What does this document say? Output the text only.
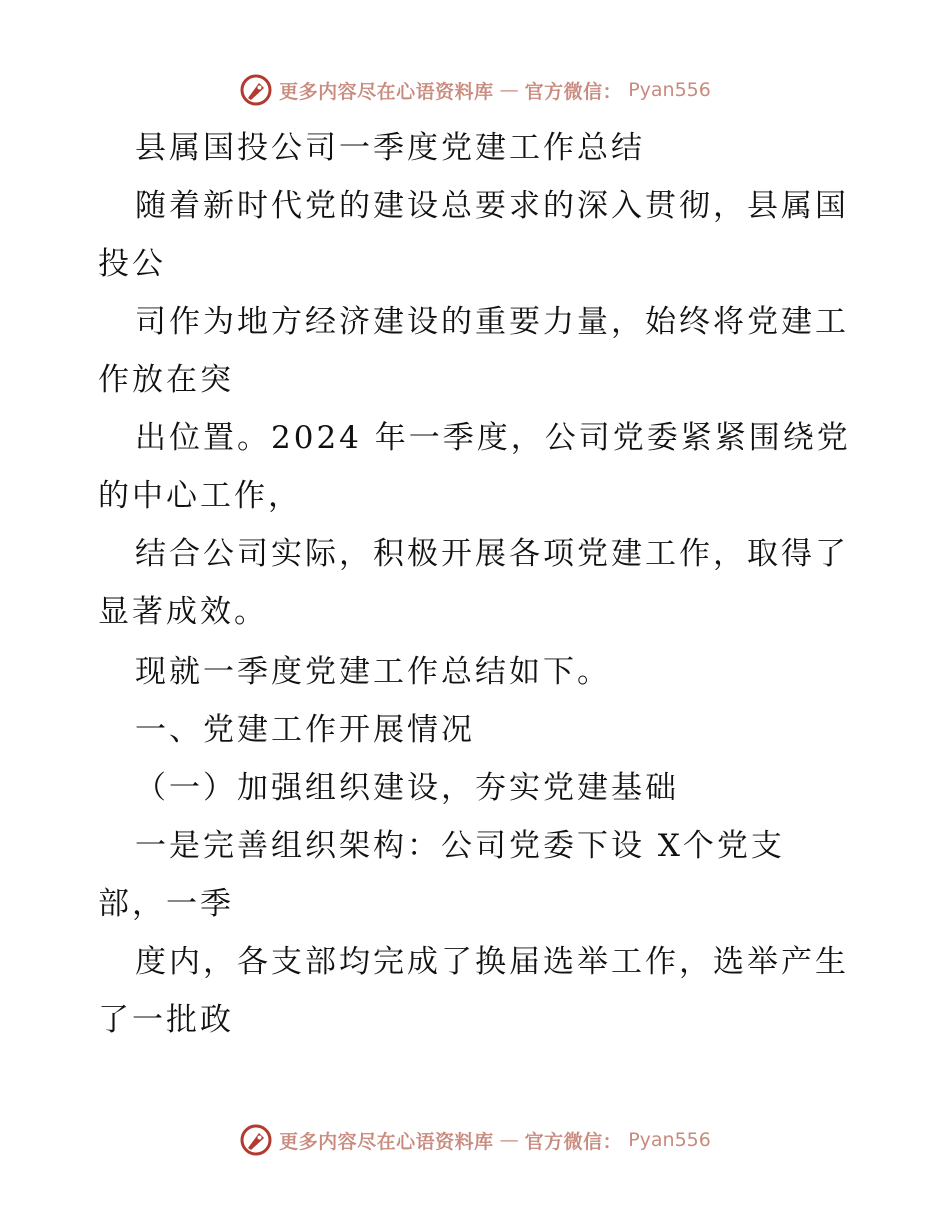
更多内容尽在心语资料库 — 官方微信： Pyan556
县属国投公司一季度党建工作总结
随着新时代党的建设总要求的深入贯彻，县属国
投公
司作为地方经济建设的重要力量，始终将党建工
作放在突
出位置。2024 年一季度，公司党委紧紧围绕党
的中心工作，
结合公司实际，积极开展各项党建工作，取得了
显著成效。
现就一季度党建工作总结如下。
一、党建工作开展情况
（一）加强组织建设，夯实党建基础
一是完善组织架构：公司党委下设 X个党支
部，一季
度内，各支部均完成了换届选举工作，选举产生
了一批政
更多内容尽在心语资料库 — 官方微信： Pyan556
